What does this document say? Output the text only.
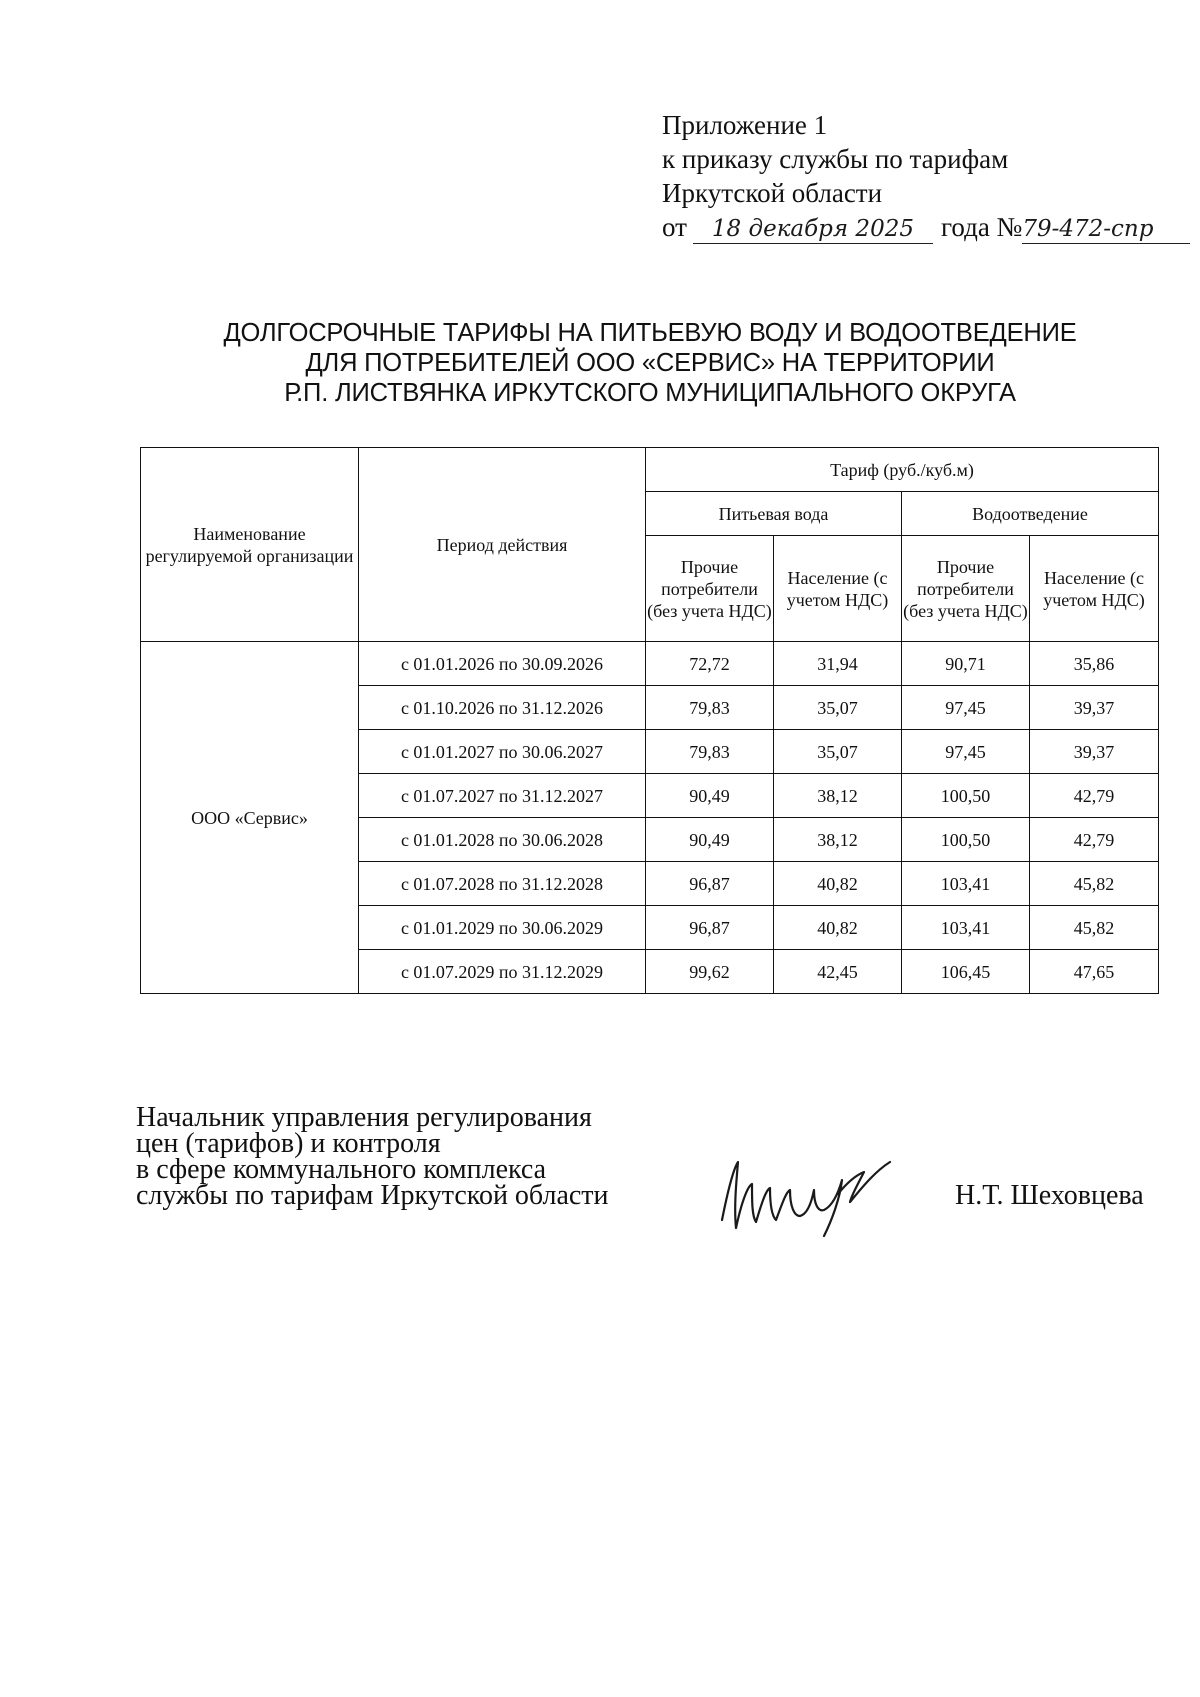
Приложение 1
к приказу службы по тарифам
Иркутской области
от 18 декабря 2025 года №79-472-спр
ДОЛГОСРОЧНЫЕ ТАРИФЫ НА ПИТЬЕВУЮ ВОДУ И ВОДООТВЕДЕНИЕ
ДЛЯ ПОТРЕБИТЕЛЕЙ ООО «СЕРВИС» НА ТЕРРИТОРИИ
Р.П. ЛИСТВЯНКА ИРКУТСКОГО МУНИЦИПАЛЬНОГО ОКРУГА
Наименование регулируемой организации	Период действия	Тариф (руб./куб.м)			
		Питьевая вода		Водоотведение	
		Прочие потребители (без учета НДС)	Население (с учетом НДС)	Прочие потребители (без учета НДС)	Население (с учетом НДС)
ООО «Сервис»	с 01.01.2026 по 30.09.2026	72,72	31,94	90,71	35,86
	с 01.10.2026 по 31.12.2026	79,83	35,07	97,45	39,37
	с 01.01.2027 по 30.06.2027	79,83	35,07	97,45	39,37
	с 01.07.2027 по 31.12.2027	90,49	38,12	100,50	42,79
	с 01.01.2028 по 30.06.2028	90,49	38,12	100,50	42,79
	с 01.07.2028 по 31.12.2028	96,87	40,82	103,41	45,82
	с 01.01.2029 по 30.06.2029	96,87	40,82	103,41	45,82
	с 01.07.2029 по 31.12.2029	99,62	42,45	106,45	47,65
Начальник управления регулирования
цен (тарифов) и контроля
в сфере коммунального комплекса
службы по тарифам Иркутской области	Н.Т. Шеховцева
